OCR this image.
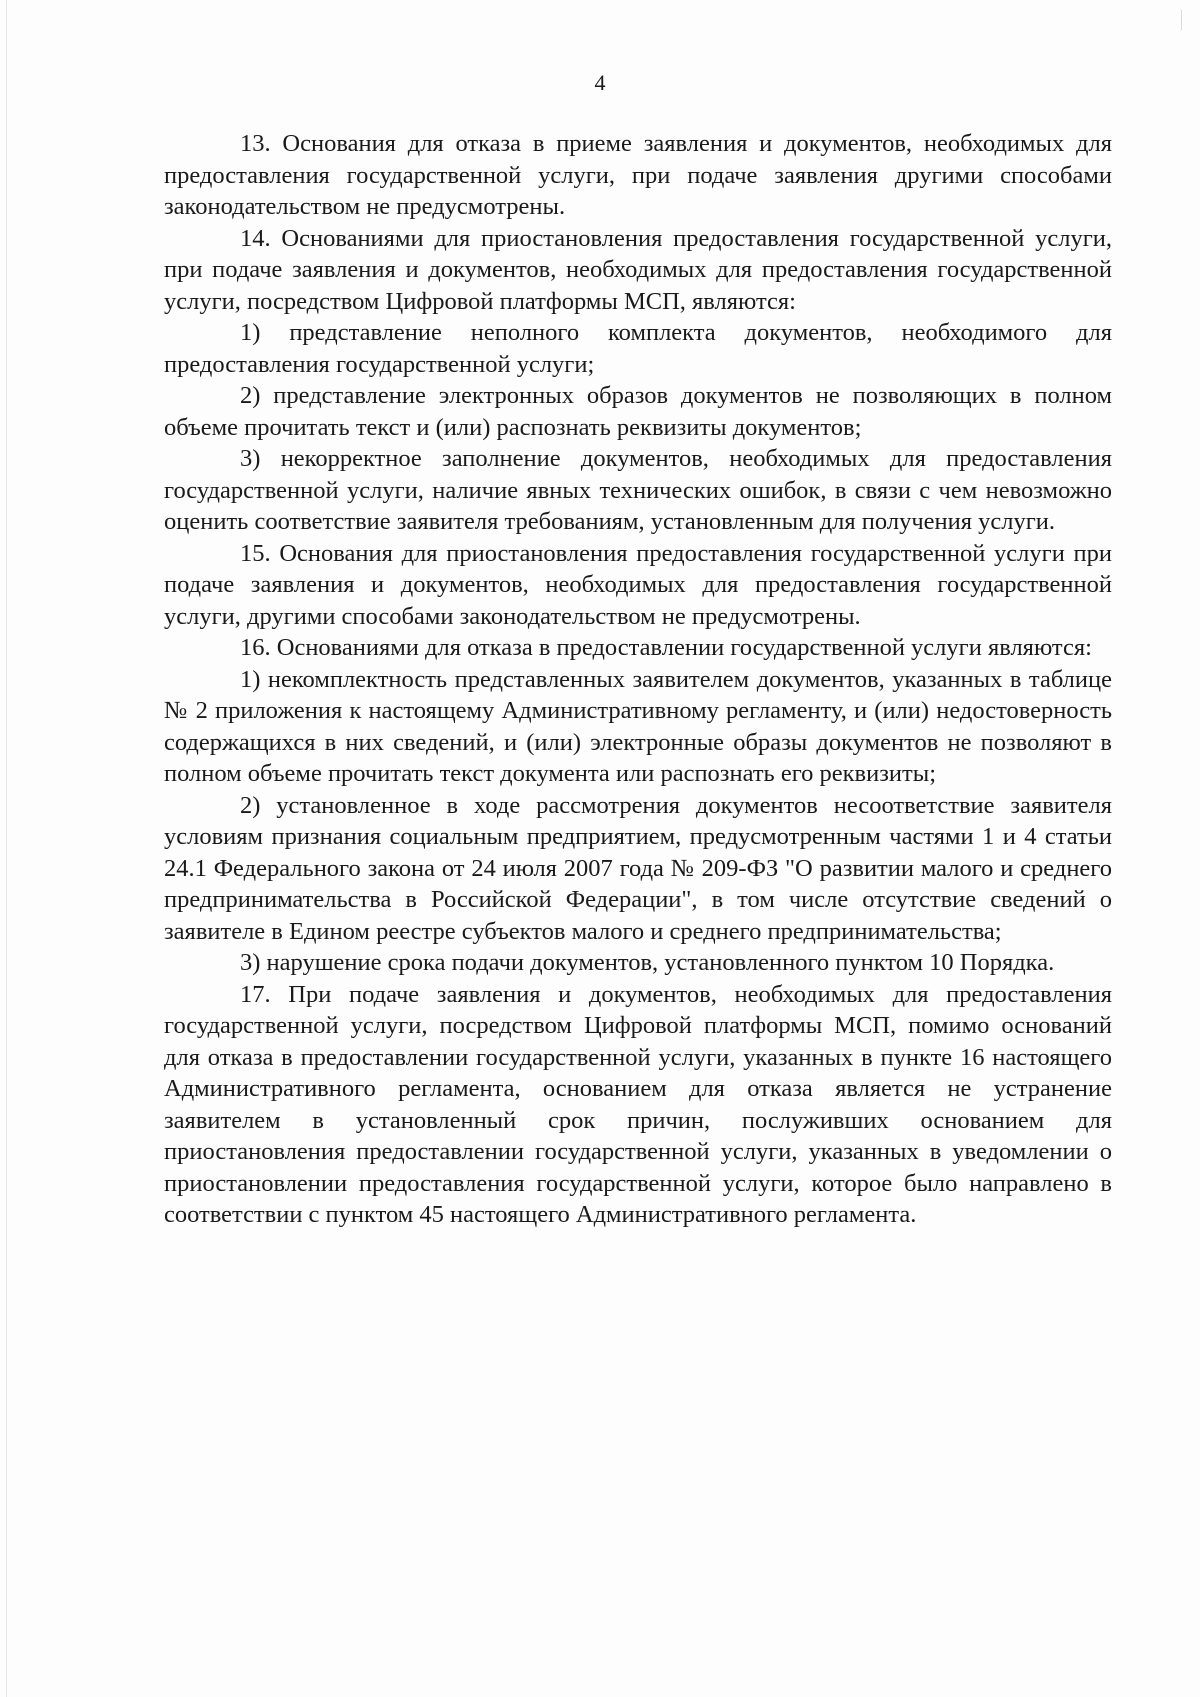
4

13. Основания для отказа в приеме заявления и документов, необходимых для предоставления государственной услуги, при подаче заявления другими способами законодательством не предусмотрены.

14. Основаниями для приостановления предоставления государственной услуги, при подаче заявления и документов, необходимых для предоставления государственной услуги, посредством Цифровой платформы МСП, являются:

1) представление неполного комплекта документов, необходимого для предоставления государственной услуги;

2) представление электронных образов документов не позволяющих в полном объеме прочитать текст и (или) распознать реквизиты документов;

3) некорректное заполнение документов, необходимых для предоставления государственной услуги, наличие явных технических ошибок, в связи с чем невозможно оценить соответствие заявителя требованиям, установленным для получения услуги.

15. Основания для приостановления предоставления государственной услуги при подаче заявления и документов, необходимых для предоставления государственной услуги, другими способами законодательством не предусмотрены.

16. Основаниями для отказа в предоставлении государственной услуги являются:

1) некомплектность представленных заявителем документов, указанных в таблице № 2 приложения к настоящему Административному регламенту, и (или) недостоверность содержащихся в них сведений, и (или) электронные образы документов не позволяют в полном объеме прочитать текст документа или распознать его реквизиты;

2) установленное в ходе рассмотрения документов несоответствие заявителя условиям признания социальным предприятием, предусмотренным частями 1 и 4 статьи 24.1 Федерального закона от 24 июля 2007 года № 209-ФЗ "О развитии малого и среднего предпринимательства в Российской Федерации", в том числе отсутствие сведений о заявителе в Едином реестре субъектов малого и среднего предпринимательства;

3) нарушение срока подачи документов, установленного пунктом 10 Порядка.

17. При подаче заявления и документов, необходимых для предоставления государственной услуги, посредством Цифровой платформы МСП, помимо оснований для отказа в предоставлении государственной услуги, указанных в пункте 16 настоящего Административного регламента, основанием для отказа является не устранение заявителем в установленный срок причин, послуживших основанием для приостановления предоставлении государственной услуги, указанных в уведомлении о приостановлении предоставления государственной услуги, которое было направлено в соответствии с пунктом 45 настоящего Административного регламента.
